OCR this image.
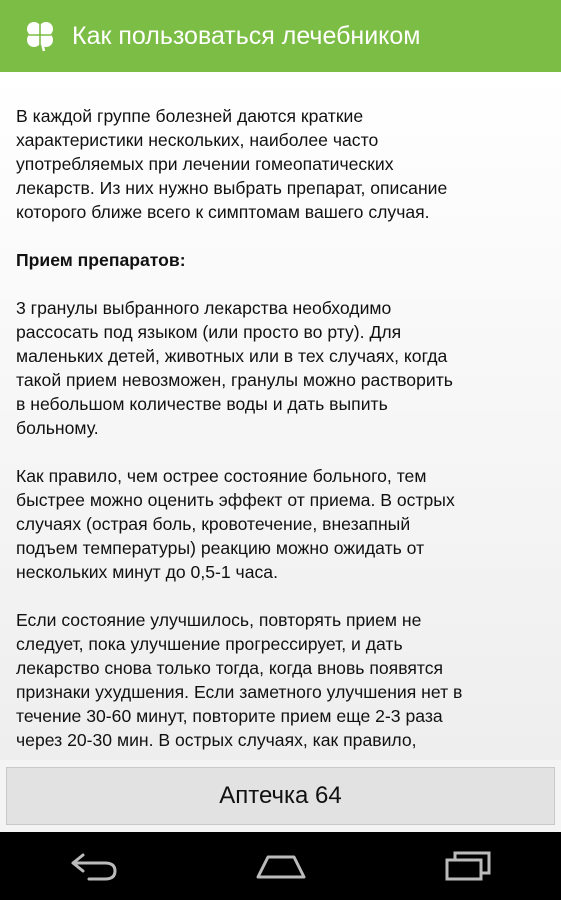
Как пользоваться лечебником

В каждой группе болезней даются краткие
характеристики нескольких, наиболее часто
употребляемых при лечении гомеопатических
лекарств. Из них нужно выбрать препарат, описание
которого ближе всего к симптомам вашего случая.

Прием препаратов:

3 гранулы выбранного лекарства необходимо
рассосать под языком (или просто во рту). Для
маленьких детей, животных или в тех случаях, когда
такой прием невозможен, гранулы можно растворить
в небольшом количестве воды и дать выпить
больному.

Как правило, чем острее состояние больного, тем
быстрее можно оценить эффект от приема. В острых
случаях (острая боль, кровотечение, внезапный
подъем температуры) реакцию можно ожидать от
нескольких минут до 0,5-1 часа.

Если состояние улучшилось, повторять прием не
следует, пока улучшение прогрессирует, и дать
лекарство снова только тогда, когда вновь появятся
признаки ухудшения. Если заметного улучшения нет в
течение 30-60 минут, повторите прием еще 2-3 раза
через 20-30 мин. В острых случаях, как правило,

Аптечка 64
